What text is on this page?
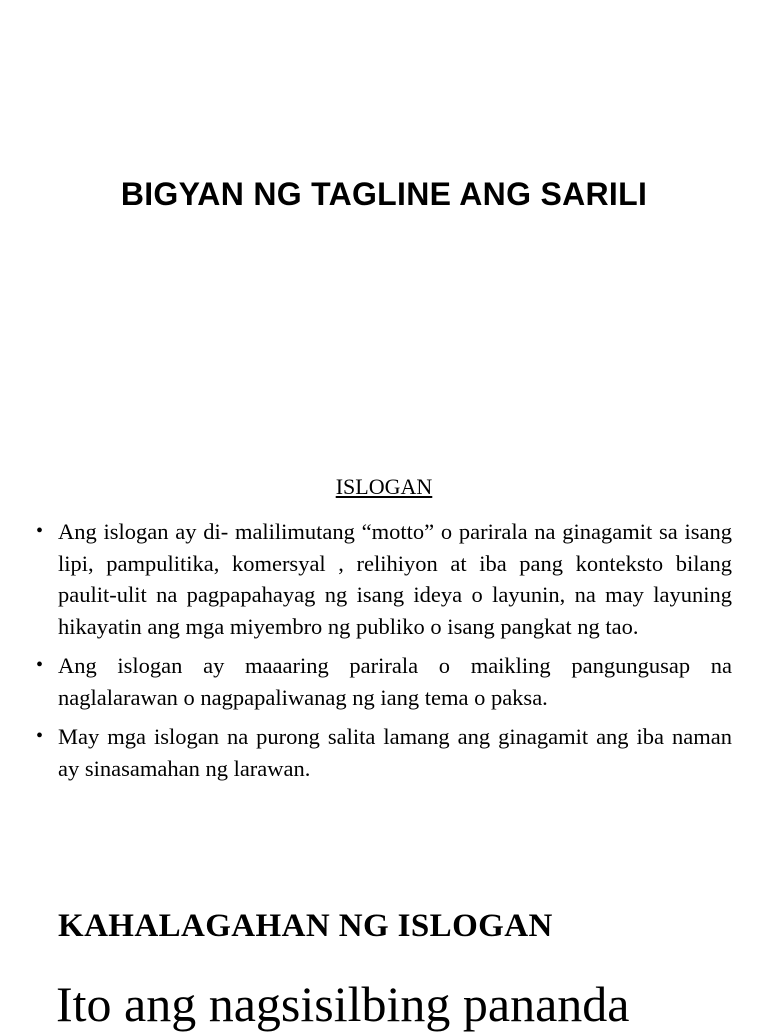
BIGYAN NG TAGLINE ANG SARILI
ISLOGAN
• Ang islogan ay di- malilimutang “motto” o parirala na ginagamit sa isang lipi, pampulitika, komersyal , relihiyon at iba pang konteksto bilang paulit-ulit na pagpapahayag ng isang ideya o layunin, na may layuning hikayatin ang mga miyembro ng publiko o isang pangkat ng tao.
• Ang islogan ay maaaring parirala o maikling pangungusap na naglalarawan o nagpapaliwanag ng iang tema o paksa.
• May mga islogan na purong salita lamang ang ginagamit ang iba naman ay sinasamahan ng larawan.
KAHALAGAHAN NG ISLOGAN

Ito ang nagsisilbing pananda
